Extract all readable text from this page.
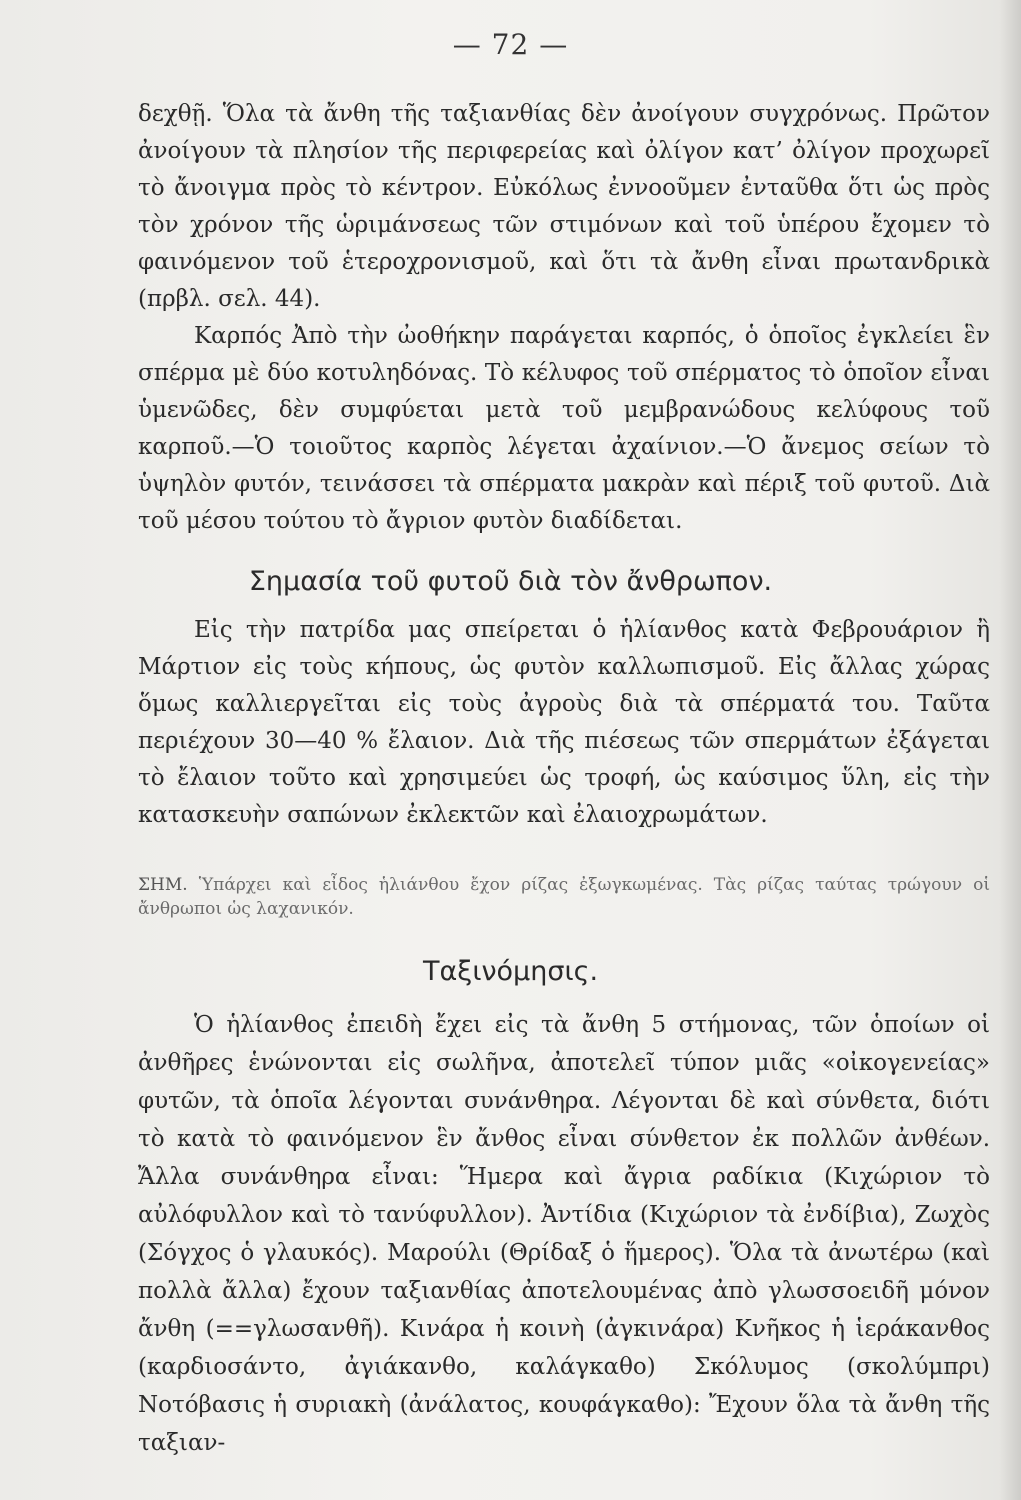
— 72 —

δεχθῇ. Ὅλα τὰ ἄνθη τῆς ταξιανθίας δὲν ἀνοίγουν συγχρόνως. Πρῶτον ἀνοίγουν τὰ πλησίον τῆς περιφερείας καὶ ὀλίγον κατ’ ὀλίγον προχωρεῖ τὸ ἄνοιγμα πρὸς τὸ κέντρον. Εὐκόλως ἐννοοῦμεν ἐνταῦθα ὅτι ὡς πρὸς τὸν χρόνον τῆς ὡριμάνσεως τῶν στιμόνων καὶ τοῦ ὑπέρου ἔχομεν τὸ φαινόμενον τοῦ ἑτεροχρονισμοῦ, καὶ ὅτι τὰ ἄνθη εἶναι πρωτανδρικὰ (πρβλ. σελ. 44).

Καρπός Ἀπὸ τὴν ὠοθήκην παράγεται καρπός, ὁ ὁποῖος ἐγκλείει ἓν σπέρμα μὲ δύο κοτυληδόνας. Τὸ κέλυφος τοῦ σπέρματος τὸ ὁποῖον εἶναι ὑμενῶδες, δὲν συμφύεται μετὰ τοῦ μεμβρανώδους κελύφους τοῦ καρποῦ.—Ὁ τοιοῦτος καρπὸς λέγεται ἀχαίνιον.—Ὁ ἄνεμος σείων τὸ ὑψηλὸν φυτόν, τεινάσσει τὰ σπέρματα μακρὰν καὶ πέριξ τοῦ φυτοῦ. Διὰ τοῦ μέσου τούτου τὸ ἄγριον φυτὸν διαδίδεται.

Σημασία τοῦ φυτοῦ διὰ τὸν ἄνθρωπον.

Εἰς τὴν πατρίδα μας σπείρεται ὁ ἡλίανθος κατὰ Φεβρουάριον ἢ Μάρτιον εἰς τοὺς κήπους, ὡς φυτὸν καλλωπισμοῦ. Εἰς ἄλλας χώρας ὅμως καλλιεργεῖται εἰς τοὺς ἀγροὺς διὰ τὰ σπέρματά του. Ταῦτα περιέχουν 30—40 % ἔλαιον. Διὰ τῆς πιέσεως τῶν σπερμάτων ἐξάγεται τὸ ἔλαιον τοῦτο καὶ χρησιμεύει ὡς τροφή, ὡς καύσιμος ὕλη, εἰς τὴν κατασκευὴν σαπώνων ἐκλεκτῶν καὶ ἐλαιοχρωμάτων.

ΣΗΜ. Ὑπάρχει καὶ εἶδος ἡλιάνθου ἔχον ρίζας ἐξωγκωμένας. Τὰς ρίζας ταύτας τρώγουν οἱ ἄνθρωποι ὡς λαχανικόν.
Ταξινόμησις.

Ὁ ἡλίανθος ἐπειδὴ ἔχει εἰς τὰ ἄνθη 5 στήμονας, τῶν ὁποίων οἱ ἀνθῆρες ἑνώνονται εἰς σωλῆνα, ἀποτελεῖ τύπον μιᾶς «οἰκογενείας» φυτῶν, τὰ ὁποῖα λέγονται συνάνθηρα. Λέγονται δὲ καὶ σύνθετα, διότι τὸ κατὰ τὸ φαινόμενον ἓν ἄνθος εἶναι σύνθετον ἐκ πολλῶν ἀνθέων. Ἄλλα συνάνθηρα εἶναι: Ἥμερα καὶ ἄγρια ραδίκια (Κιχώριον τὸ αὐλόφυλλον καὶ τὸ τανύφυλλον). Ἀντίδια (Κιχώριον τὰ ἐνδίβια), Ζωχὸς (Σόγχος ὁ γλαυκός). Μαρούλι (Θρίδαξ ὁ ἥμερος). Ὅλα τὰ ἀνωτέρω (καὶ πολλὰ ἄλλα) ἔχουν ταξιανθίας ἀποτελουμένας ἀπὸ γλωσσοειδῆ μόνον ἄνθη (==γλωσανθῆ). Κινάρα ἡ κοινὴ (ἀγκινάρα) Κνῆκος ἡ ἱεράκανθος (καρδιοσάντο, ἀγιάκανθο, καλάγκαθο) Σκόλυμος (σκολύμπρι) Νοτόβασις ἡ συριακὴ (ἀνάλατος, κουφάγκαθο): Ἔχουν ὅλα τὰ ἄνθη τῆς ταξιαν-
